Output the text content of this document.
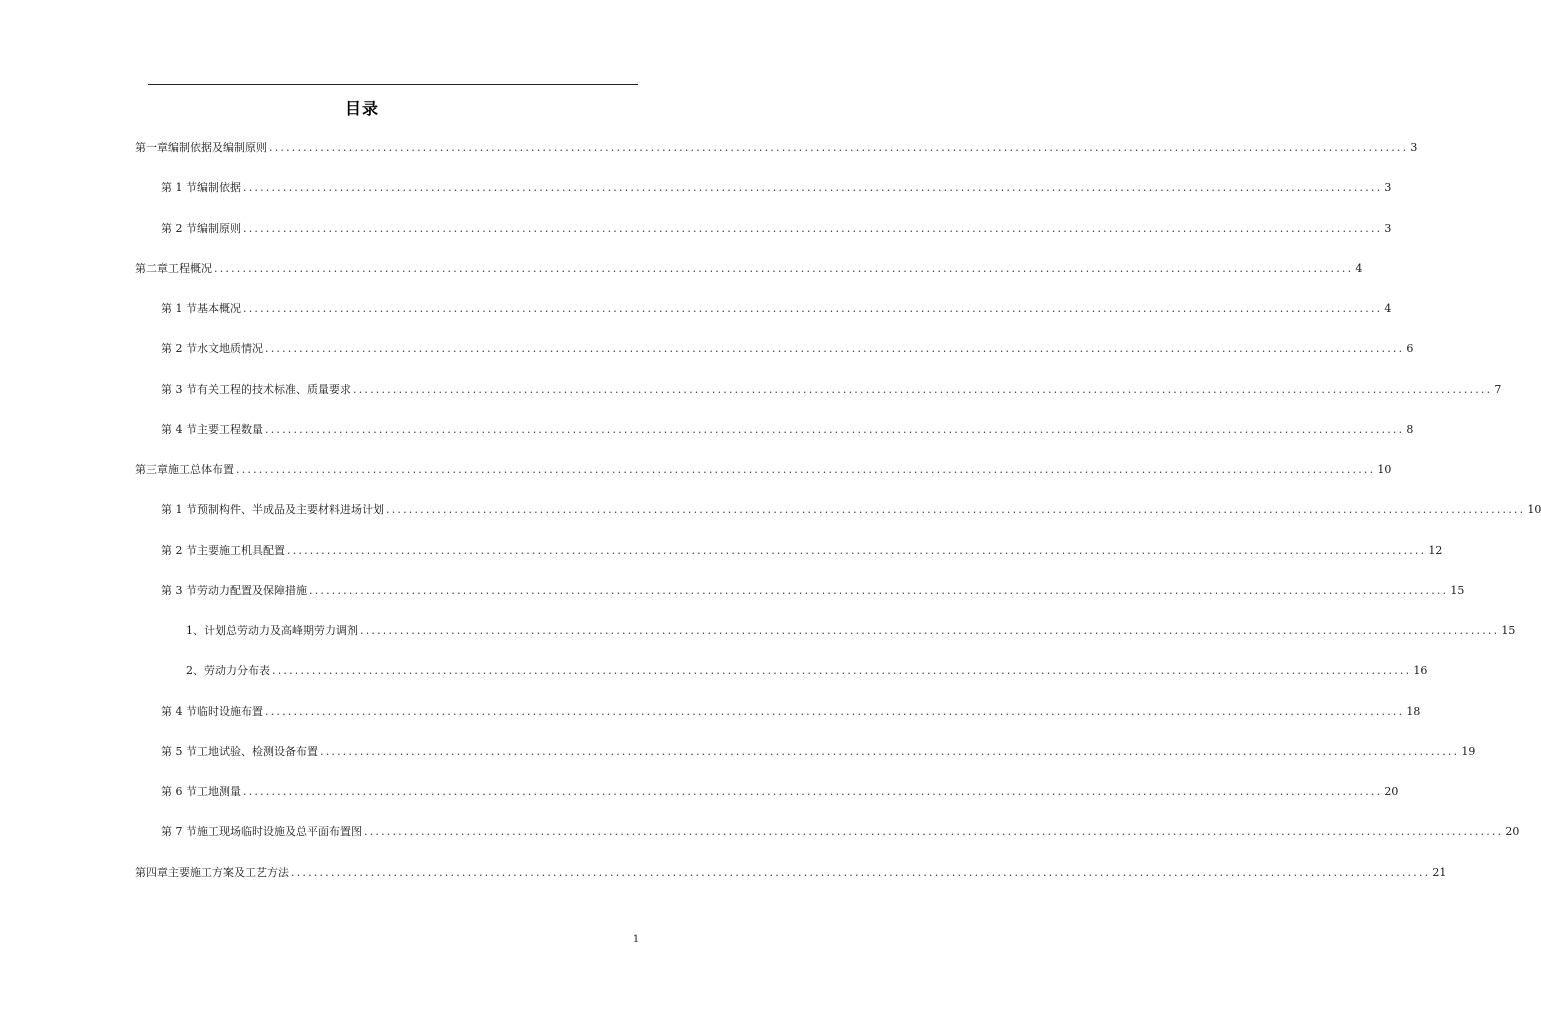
目录
第一章 编制依据及编制原则 ........................................................................................................................................................................................................ 3
第 1 节 编制依据 ........................................................................................................................................................................................................ 3
第 2 节 编制原则 ........................................................................................................................................................................................................ 3
第二章 工程概况 ........................................................................................................................................................................................................ 4
第 1 节 基本概况 ........................................................................................................................................................................................................ 4
第 2 节 水文地质情况 ........................................................................................................................................................................................................ 6
第 3 节 有关工程的技术标准、质量要求 ........................................................................................................................................................................................................ 7
第 4 节 主要工程数量 ........................................................................................................................................................................................................ 8
第三章 施工总体布置 ........................................................................................................................................................................................................ 10
第 1 节 预制构件、半成品及主要材料进场计划 ........................................................................................................................................................................................................ 10
第 2 节 主要施工机具配置 ........................................................................................................................................................................................................ 12
第 3 节 劳动力配置及保障措施 ........................................................................................................................................................................................................ 15
1、 计划总劳动力及高峰期劳力调剂 ........................................................................................................................................................................................................ 15
2、 劳动力分布表 ........................................................................................................................................................................................................ 16
第 4 节 临时设施布置 ........................................................................................................................................................................................................ 18
第 5 节 工地试验、检测设备布置 ........................................................................................................................................................................................................ 19
第 6 节 工地测量 ........................................................................................................................................................................................................ 20
第 7 节 施工现场临时设施及总平面布置图 ........................................................................................................................................................................................................ 20
第四章 主要施工方案及工艺方法 ........................................................................................................................................................................................................ 21
1
